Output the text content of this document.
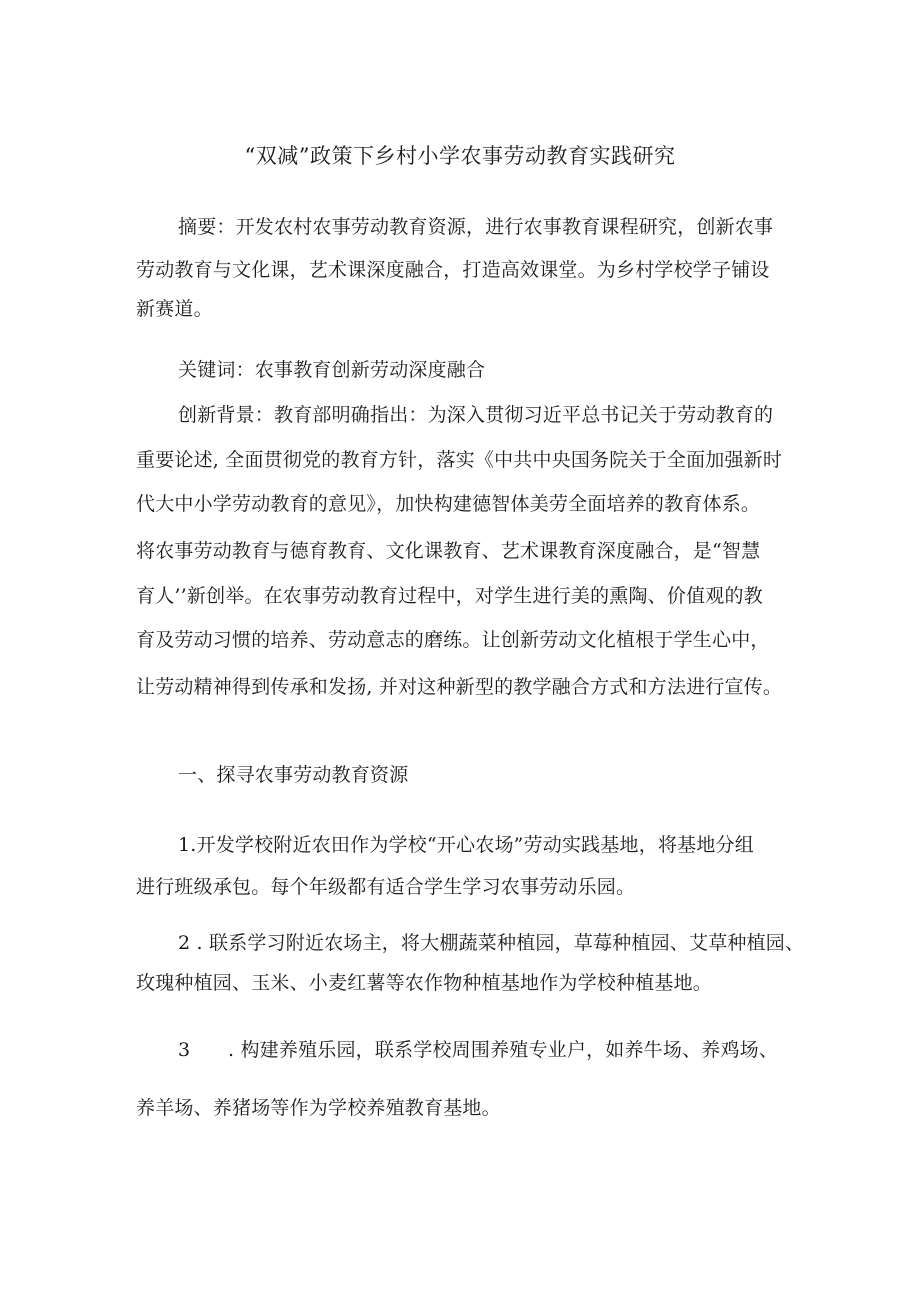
“双减”政策下乡村小学农事劳动教育实践研究
摘要：开发农村农事劳动教育资源，进行农事教育课程研究，创新农事
劳动教育与文化课，艺术课深度融合，打造高效课堂。为乡村学校学子铺设
新赛道。
关键词：农事教育创新劳动深度融合
创新背景：教育部明确指出：为深入贯彻习近平总书记关于劳动教育的
重要论述, 全面贯彻党的教育方针，落实《中共中央国务院关于全面加强新时
代大中小学劳动教育的意见》，加快构建德智体美劳全面培养的教育体系。
将农事劳动教育与德育教育、文化课教育、艺术课教育深度融合，是“智慧
育人’’新创举。在农事劳动教育过程中，对学生进行美的熏陶、价值观的教
育及劳动习惯的培养、劳动意志的磨练。让创新劳动文化植根于学生心中，
让劳动精神得到传承和发扬, 并对这种新型的教学融合方式和方法进行宣传。
一、探寻农事劳动教育资源
1.开发学校附近农田作为学校“开心农场”劳动实践基地，将基地分组
进行班级承包。每个年级都有适合学生学习农事劳动乐园。
2 . 联系学习附近农场主，将大棚蔬菜种植园，草莓种植园、艾草种植园、
玫瑰种植园、玉米、小麦红薯等农作物种植基地作为学校种植基地。
3 . 构建养殖乐园，联系学校周围养殖专业户，如养牛场、养鸡场、
养羊场、养猪场等作为学校养殖教育基地。
